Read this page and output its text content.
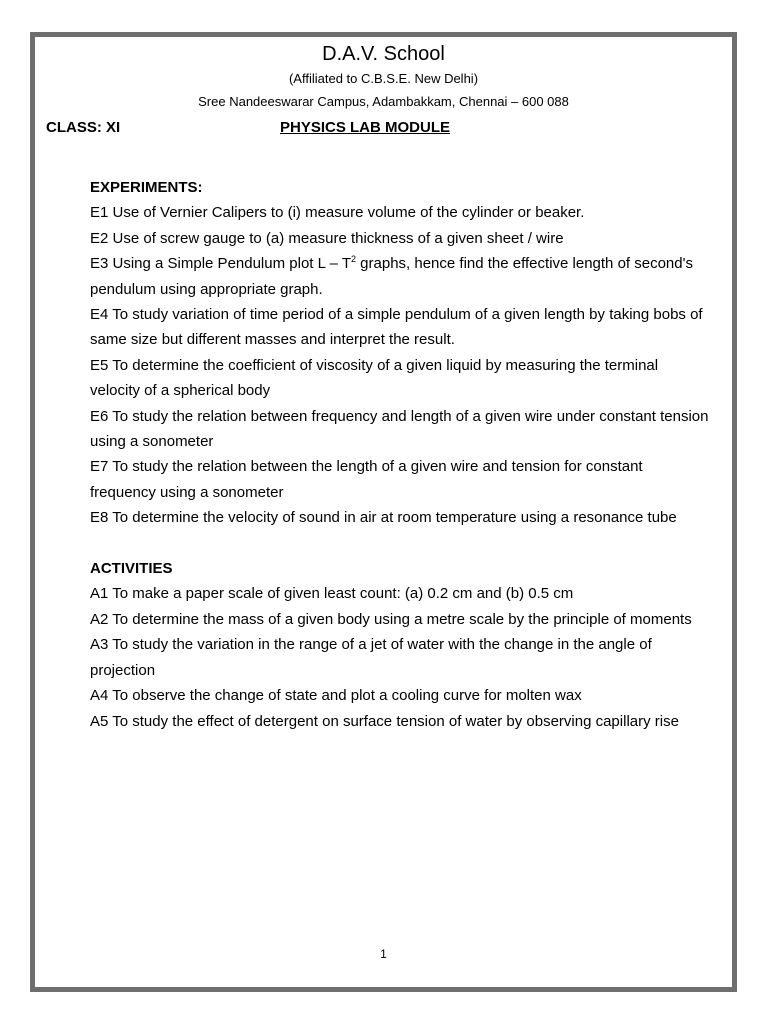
D.A.V. School
(Affiliated to C.B.S.E. New Delhi)
Sree Nandeeswarar Campus, Adambakkam, Chennai – 600 088
CLASS: XI	PHYSICS LAB MODULE
EXPERIMENTS:

E1 Use of Vernier Calipers to (i) measure volume of the cylinder or beaker.

E2 Use of screw gauge to (a) measure thickness of a given sheet / wire

E3 Using a Simple Pendulum plot L – $T^2$ graphs, hence find the effective length of second's pendulum using appropriate graph.

E4 To study variation of time period of a simple pendulum of a given length by taking bobs of same size but different masses and interpret the result.

E5 To determine the coefficient of viscosity of a given liquid by measuring the terminal velocity of a spherical body

E6 To study the relation between frequency and length of a given wire under constant tension using a sonometer

E7 To study the relation between the length of a given wire and tension for constant frequency using a sonometer

E8 To determine the velocity of sound in air at room temperature using a resonance tube

ACTIVITIES

A1 To make a paper scale of given least count: (a) 0.2 cm and (b) 0.5 cm

A2 To determine the mass of a given body using a metre scale by the principle of moments

A3 To study the variation in the range of a jet of water with the change in the angle of projection

A4 To observe the change of state and plot a cooling curve for molten wax

A5 To study the effect of detergent on surface tension of water by observing capillary rise

1
